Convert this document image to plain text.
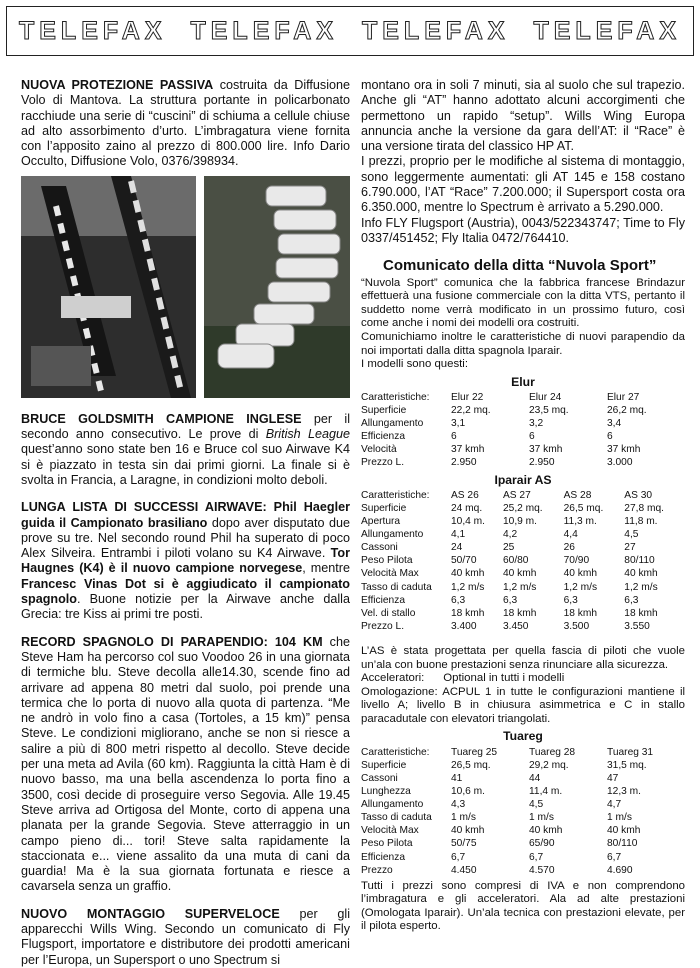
TELEFAX TELEFAX TELEFAX TELEFAX

NUOVA PROTEZIONE PASSIVA costruita da Diffusione Volo di Mantova. La struttura portante in policarbonato racchiude una serie di “cuscini” di schiuma a cellule chiuse ad alto assorbimento d’urto. L’imbragatura viene fornita con l’apposito zaino al prezzo di 800.000 lire. Info Dario Occulto, Diffusione Volo, 0376/398934.

BRUCE GOLDSMITH CAMPIONE INGLESE per il secondo anno consecutivo. Le prove di British League quest’anno sono state ben 16 e Bruce col suo Airwave K4 si è piazzato in testa sin dai primi giorni. La finale si è svolta in Francia, a Laragne, in condizioni molto deboli.

LUNGA LISTA DI SUCCESSI AIRWAVE: Phil Haegler guida il Campionato brasiliano dopo aver disputato due prove su tre. Nel secondo round Phil ha superato di poco Alex Silveira. Entrambi i piloti volano su K4 Airwave. Tor Haugnes (K4) è il nuovo campione norvegese, mentre Francesc Vinas Dot si è aggiudicato il campionato spagnolo. Buone notizie per la Airwave anche dalla Grecia: tre Kiss ai primi tre posti.

RECORD SPAGNOLO DI PARAPENDIO: 104 KM che Steve Ham ha percorso col suo Voodoo 26 in una giornata di termiche blu. Steve decolla alle14.30, scende fino ad arrivare ad appena 80 metri dal suolo, poi prende una termica che lo porta di nuovo alla quota di partenza. “Me ne andrò in volo fino a casa (Tortoles, a 15 km)” pensa Steve. Le condizioni migliorano, anche se non si riesce a salire a più di 800 metri rispetto al decollo. Steve decide per una meta ad Avila (60 km). Raggiunta la città Ham è di nuovo basso, ma una bella ascendenza lo porta fino a 3500, così decide di proseguire verso Segovia. Alle 19.45 Steve arriva ad Ortigosa del Monte, corto di appena una planata per la grande Segovia. Steve atterraggio in un campo pieno di... tori! Steve salta rapidamente la staccionata e... viene assalito da una muta di cani da guardia! Ma è la sua giornata fortunata e riesce a cavarsela senza un graffio.

NUOVO MONTAGGIO SUPERVELOCE per gli apparecchi Wills Wing. Secondo un comunicato di Fly Flugsport, importatore e distributore dei prodotti americani per l’Europa, un Supersport o uno Spectrum si

montano ora in soli 7 minuti, sia al suolo che sul trapezio. Anche gli “AT” hanno adottato alcuni accorgimenti che permettono un rapido “setup”. Wills Wing Europa annuncia anche la versione da gara dell’AT: il “Race” è una versione tirata del classico HP AT.

I prezzi, proprio per le modifiche al sistema di montaggio, sono leggermente aumentati: gli AT 145 e 158 costano 6.790.000, l’AT “Race” 7.200.000; il Supersport costa ora 6.350.000, mentre lo Spectrum è arrivato a 5.290.000.

Info FLY Flugsport (Austria), 0043/522343747; Time to Fly 0337/451452; Fly Italia 0472/764410.

Comunicato della ditta “Nuvola Sport”

“Nuvola Sport” comunica che la fabbrica francese Brindazur effettuerà una fusione commerciale con la ditta VTS, pertanto il suddetto nome verrà modificato in un prossimo futuro, così come anche i nomi dei modelli ora costruiti.

Comunichiamo inoltre le caratteristiche di nuovi parapendio da noi importati dalla ditta spagnola Iparair.

I modelli sono questi:

Elur
Caratteristiche:	Elur 22	Elur 24	Elur 27
Superficie	22,2 mq.	23,5 mq.	26,2 mq.
Allungamento	3,1	3,2	3,4
Efficienza	6	6	6
Velocità	37 kmh	37 kmh	37 kmh
Prezzo L.	2.950	2.950	3.000
Iparair AS
Caratteristiche:	AS 26	AS 27	AS 28	AS 30
Superficie	24 mq.	25,2 mq.	26,5 mq.	27,8 mq.
Apertura	10,4 m.	10,9 m.	11,3 m.	11,8 m.
Allungamento	4,1	4,2	4,4	4,5
Cassoni	24	25	26	27
Peso Pilota	50/70	60/80	70/90	80/110
Velocità Max	40 kmh	40 kmh	40 kmh	40 kmh
Tasso di caduta	1,2 m/s	1,2 m/s	1,2 m/s	1,2 m/s
Efficienza	6,3	6,3	6,3	6,3
Vel. di stallo	18 kmh	18 kmh	18 kmh	18 kmh
Prezzo L.	3.400	3.450	3.500	3.550

L’AS è stata progettata per quella fascia di piloti che vuole un’ala con buone prestazioni senza rinunciare alla sicurezza.

Acceleratori:      Optional in tutti i modelli

Omologazione: ACPUL 1 in tutte le configurazioni mantiene il livello A; livello B in chiusura asimmetrica e C in stallo paracadutale con elevatori triangolati.

Tuareg
Caratteristiche:	Tuareg 25	Tuareg 28	Tuareg 31
Superficie	26,5 mq.	29,2 mq.	31,5 mq.
Cassoni	41	44	47
Lunghezza	10,6 m.	11,4 m.	12,3 m.
Allungamento	4,3	4,5	4,7
Tasso di caduta	1 m/s	1 m/s	1 m/s
Velocità Max	40 kmh	40 kmh	40 kmh
Peso Pilota	50/75	65/90	80/110
Efficienza	6,7	6,7	6,7
Prezzo	4.450	4.570	4.690

Tutti i prezzi sono compresi di IVA e non comprendono l’imbragatura e gli acceleratori. Ala ad alte prestazioni (Omologata Iparair). Un’ala tecnica con prestazioni elevate, per il pilota esperto.
